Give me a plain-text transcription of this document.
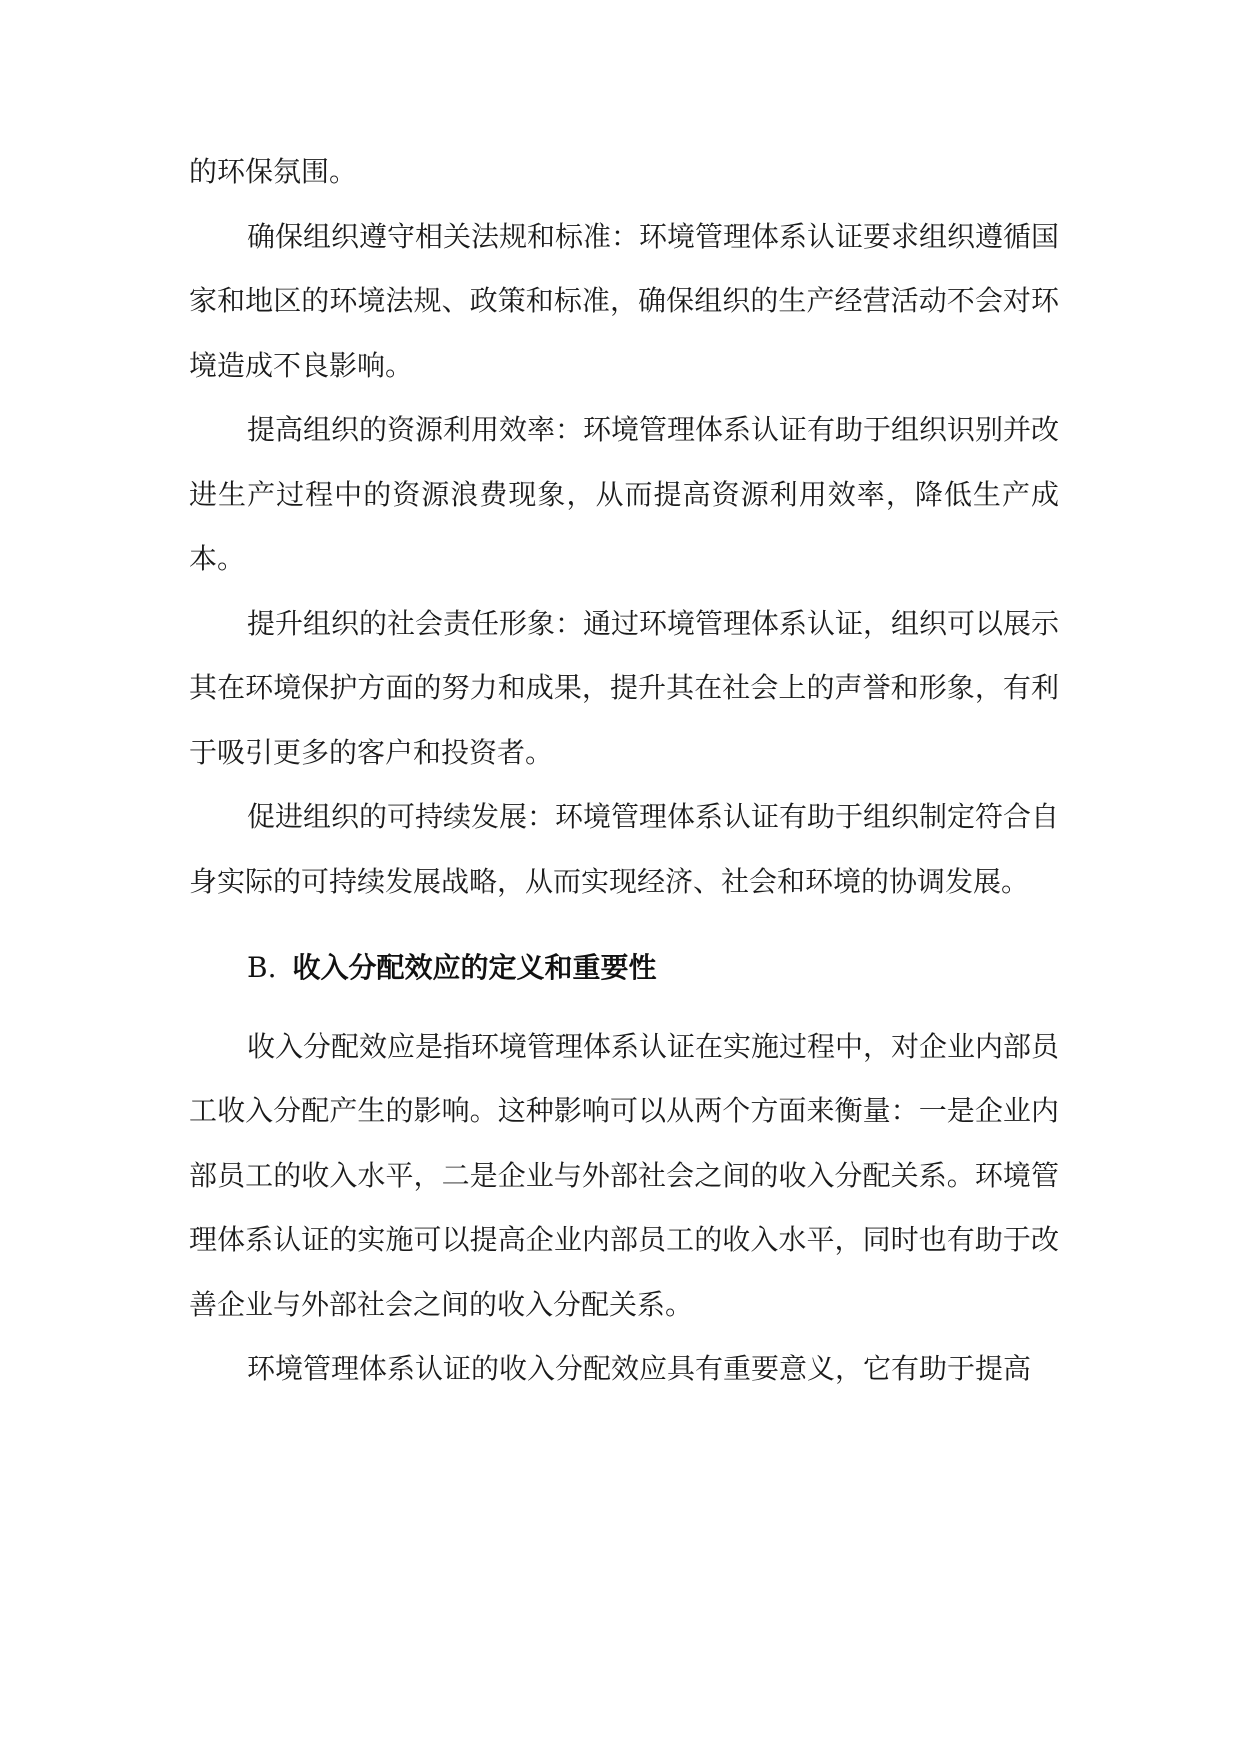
的环保氛围。

确保组织遵守相关法规和标准：环境管理体系认证要求组织遵循国家和地区的环境法规、政策和标准，确保组织的生产经营活动不会对环境造成不良影响。

提高组织的资源利用效率：环境管理体系认证有助于组织识别并改进生产过程中的资源浪费现象，从而提高资源利用效率，降低生产成本。

提升组织的社会责任形象：通过环境管理体系认证，组织可以展示其在环境保护方面的努力和成果，提升其在社会上的声誉和形象，有利于吸引更多的客户和投资者。

促进组织的可持续发展：环境管理体系认证有助于组织制定符合自身实际的可持续发展战略，从而实现经济、社会和环境的协调发展。

B. 收入分配效应的定义和重要性

收入分配效应是指环境管理体系认证在实施过程中，对企业内部员工收入分配产生的影响。这种影响可以从两个方面来衡量：一是企业内部员工的收入水平，二是企业与外部社会之间的收入分配关系。环境管理体系认证的实施可以提高企业内部员工的收入水平，同时也有助于改善企业与外部社会之间的收入分配关系。

环境管理体系认证的收入分配效应具有重要意义，它有助于提高
